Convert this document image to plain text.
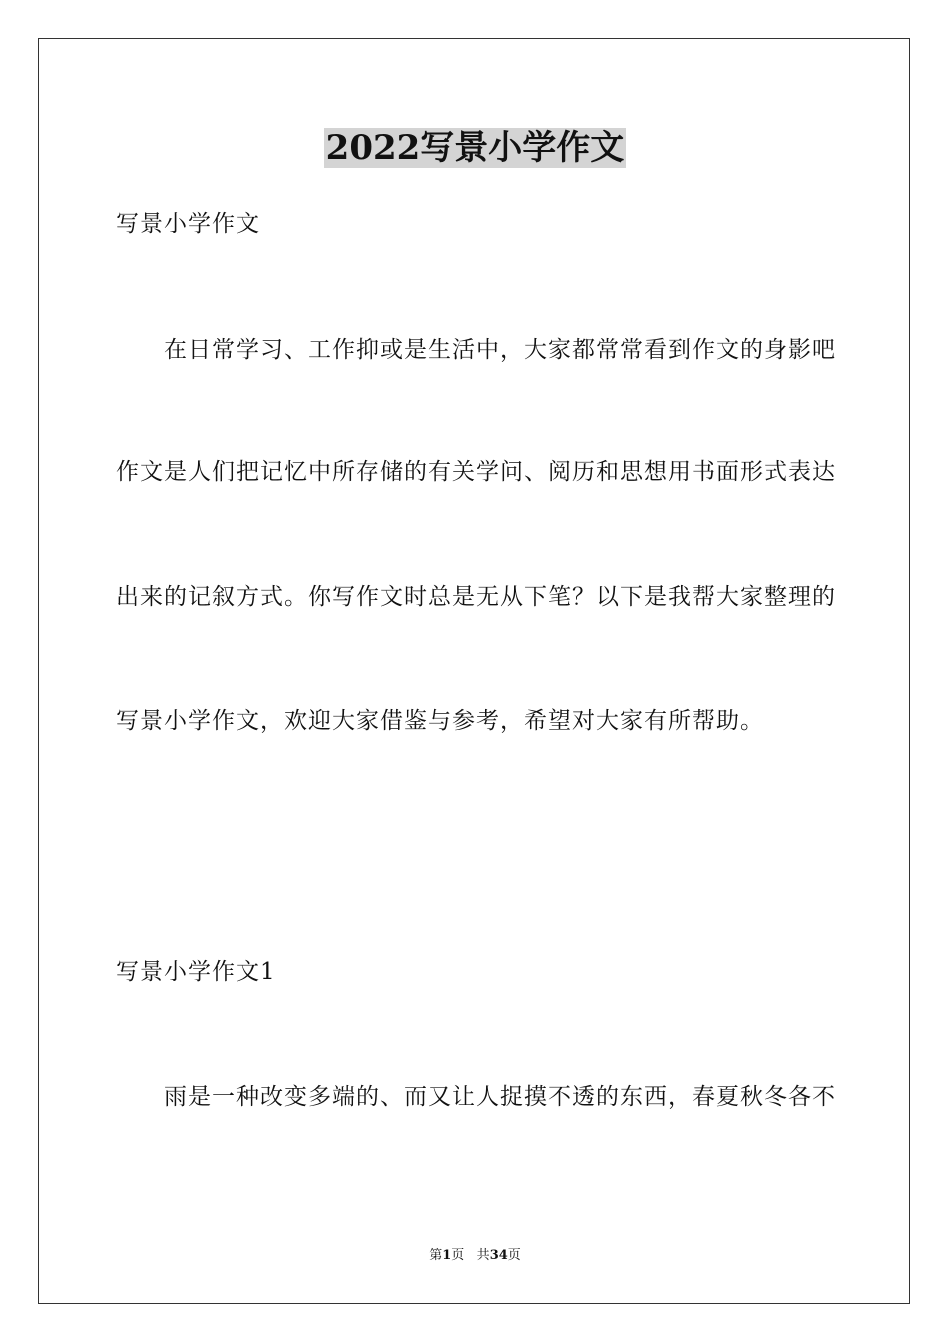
2022写景小学作文
写景小学作文
在日常学习、工作抑或是生活中，大家都常常看到作文的身影吧
作文是人们把记忆中所存储的有关学问、阅历和思想用书面形式表达
出来的记叙方式。你写作文时总是无从下笔？以下是我帮大家整理的
写景小学作文，欢迎大家借鉴与参考，希望对大家有所帮助。
写景小学作文1
雨是一种改变多端的、而又让人捉摸不透的东西，春夏秋冬各不
第1页 共34页
